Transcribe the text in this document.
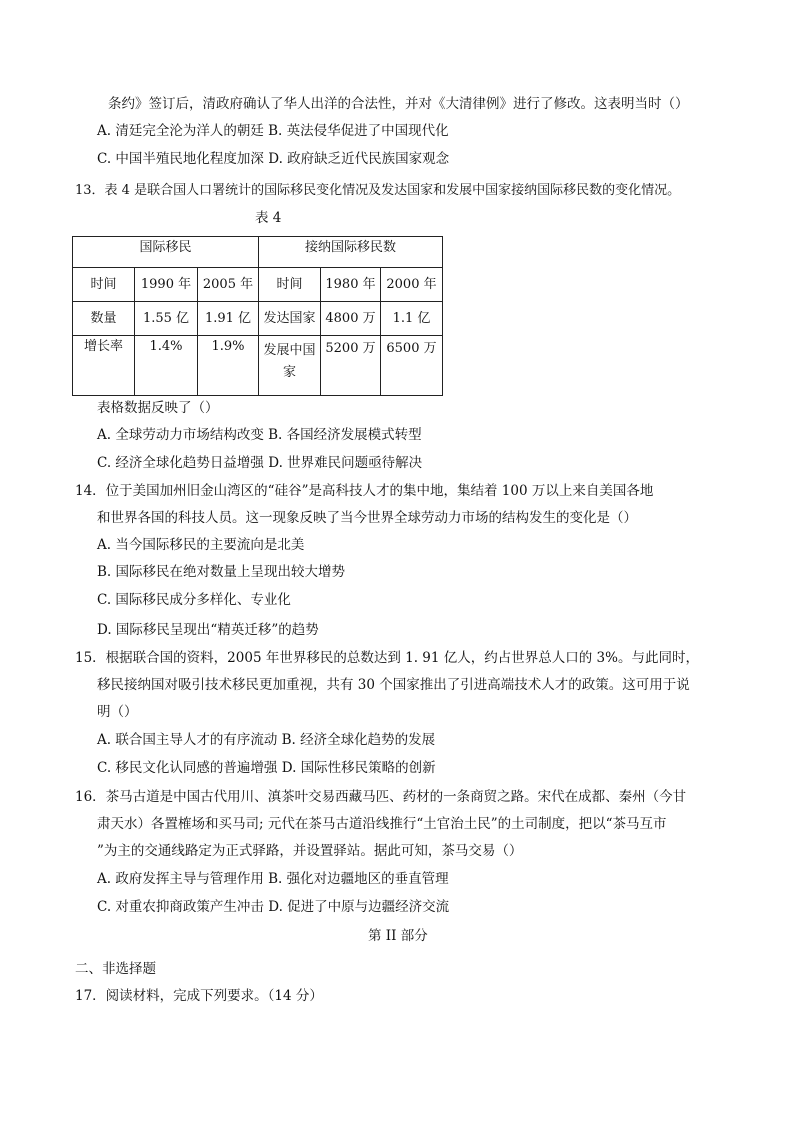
条约》签订后，清政府确认了华人出洋的合法性，并对《大清律例》进行了修改。这表明当时（）
A. 清廷完全沦为洋人的朝廷 B. 英法侵华促进了中国现代化
C. 中国半殖民地化程度加深 D. 政府缺乏近代民族国家观念
13．表 4 是联合国人口署统计的国际移民变化情况及发达国家和发展中国家接纳国际移民数的变化情况。
表 4
国际移民			接纳国际移民数		
时间	1990 年	2005 年	时间	1980 年	2000 年
数量	1.55 亿	1.91 亿	发达国家	4800 万	1.1 亿
增长率	1.4%	1.9%	发展中国家	5200 万	6500 万
表格数据反映了（）
A. 全球劳动力市场结构改变 B. 各国经济发展模式转型
C. 经济全球化趋势日益增强 D. 世界难民问题亟待解决
14．位于美国加州旧金山湾区的“硅谷”是高科技人才的集中地，集结着 100 万以上来自美国各地
和世界各国的科技人员。这一现象反映了当今世界全球劳动力市场的结构发生的变化是（）
A. 当今国际移民的主要流向是北美
B. 国际移民在绝对数量上呈现出较大增势
C. 国际移民成分多样化、专业化
D. 国际移民呈现出“精英迁移”的趋势
15．根据联合国的资料，2005 年世界移民的总数达到 1. 91 亿人，约占世界总人口的 3%。与此同时，
移民接纳国对吸引技术移民更加重视，共有 30 个国家推出了引进高端技术人才的政策。这可用于说
明（）
A. 联合国主导人才的有序流动 B. 经济全球化趋势的发展
C. 移民文化认同感的普遍增强 D. 国际性移民策略的创新
16．茶马古道是中国古代用川、滇茶叶交易西藏马匹、药材的一条商贸之路。宋代在成都、秦州（今甘
肃天水）各置榷场和买马司; 元代在茶马古道沿线推行“土官治土民”的土司制度，把以“茶马互市
”为主的交通线路定为正式驿路，并设置驿站。据此可知，茶马交易（）
A. 政府发挥主导与管理作用 B. 强化对边疆地区的垂直管理
C. 对重农抑商政策产生冲击 D. 促进了中原与边疆经济交流
第 II 部分
二、非选择题
17．阅读材料，完成下列要求。（14 分）
